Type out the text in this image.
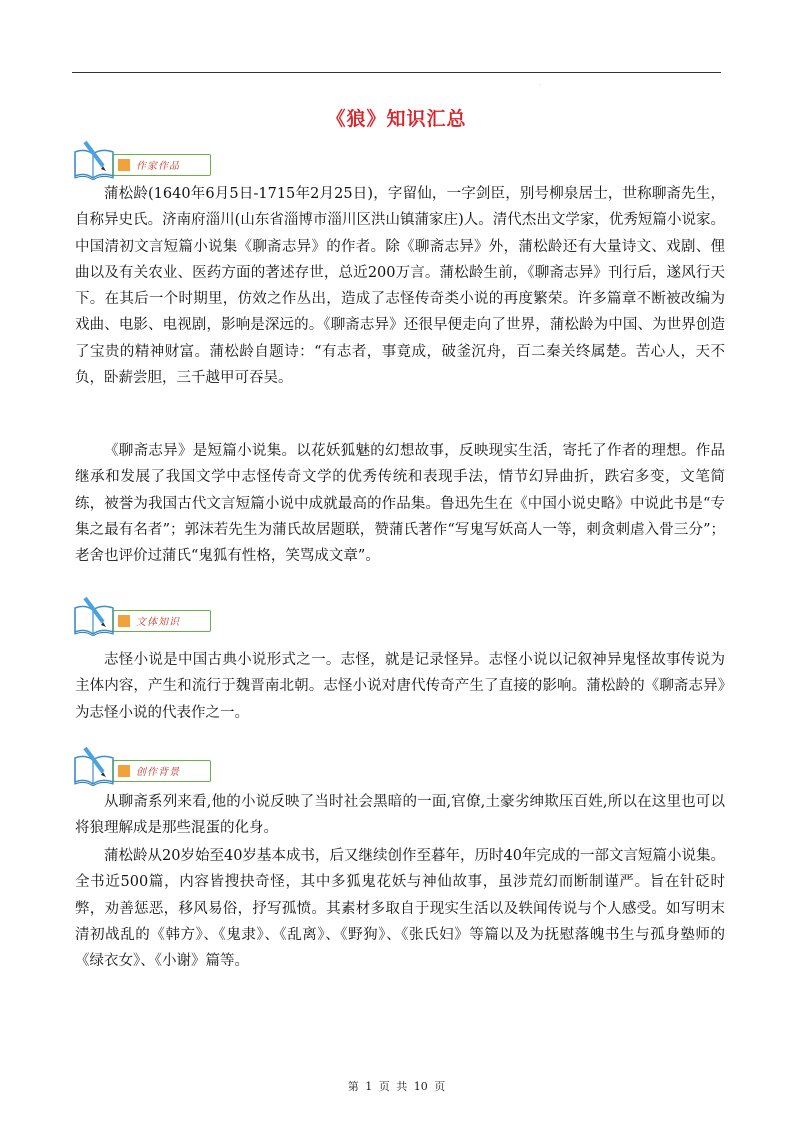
.
《狼》知识汇总
作家作品

蒲松龄(1640年6月5日-1715年2月25日)，字留仙，一字剑臣，别号柳泉居士，世称聊斋先生，自称异史氏。济南府淄川(山东省淄博市淄川区洪山镇蒲家庄)人。清代杰出文学家，优秀短篇小说家。中国清初文言短篇小说集《聊斋志异》的作者。除《聊斋志异》外，蒲松龄还有大量诗文、戏剧、俚曲以及有关农业、医药方面的著述存世，总近200万言。蒲松龄生前，《聊斋志异》刊行后，遂风行天下。在其后一个时期里，仿效之作丛出，造成了志怪传奇类小说的再度繁荣。许多篇章不断被改编为戏曲、电影、电视剧，影响是深远的。《聊斋志异》还很早便走向了世界，蒲松龄为中国、为世界创造了宝贵的精神财富。蒲松龄自题诗：“有志者，事竟成，破釜沉舟，百二秦关终属楚。苦心人，天不负，卧薪尝胆，三千越甲可吞吴。

《聊斋志异》是短篇小说集。以花妖狐魅的幻想故事，反映现实生活，寄托了作者的理想。作品继承和发展了我国文学中志怪传奇文学的优秀传统和表现手法，情节幻异曲折，跌宕多变，文笔简练，被誉为我国古代文言短篇小说中成就最高的作品集。鲁迅先生在《中国小说史略》中说此书是“专集之最有名者”；郭沫若先生为蒲氏故居题联，赞蒲氏著作“写鬼写妖高人一等，刺贪刺虐入骨三分”；老舍也评价过蒲氏“鬼狐有性格，笑骂成文章”。

文体知识

志怪小说是中国古典小说形式之一。志怪，就是记录怪异。志怪小说以记叙神异鬼怪故事传说为主体内容，产生和流行于魏晋南北朝。志怪小说对唐代传奇产生了直接的影响。蒲松龄的《聊斋志异》为志怪小说的代表作之一。

创作背景

从聊斋系列来看,他的小说反映了当时社会黑暗的一面,官僚,土豪劣绅欺压百姓,所以在这里也可以将狼理解成是那些混蛋的化身。

蒲松龄从20岁始至40岁基本成书，后又继续创作至暮年，历时40年完成的一部文言短篇小说集。全书近500篇，内容皆搜抉奇怪，其中多狐鬼花妖与神仙故事，虽涉荒幻而断制谨严。旨在针砭时弊，劝善惩恶，移风易俗，抒写孤愤。其素材多取自于现实生活以及轶闻传说与个人感受。如写明末清初战乱的《韩方》、《鬼隶》、《乱离》、《野狗》、《张氏妇》等篇以及为抚慰落魄书生与孤身塾师的《绿衣女》、《小谢》篇等。

第 1 页 共 10 页
